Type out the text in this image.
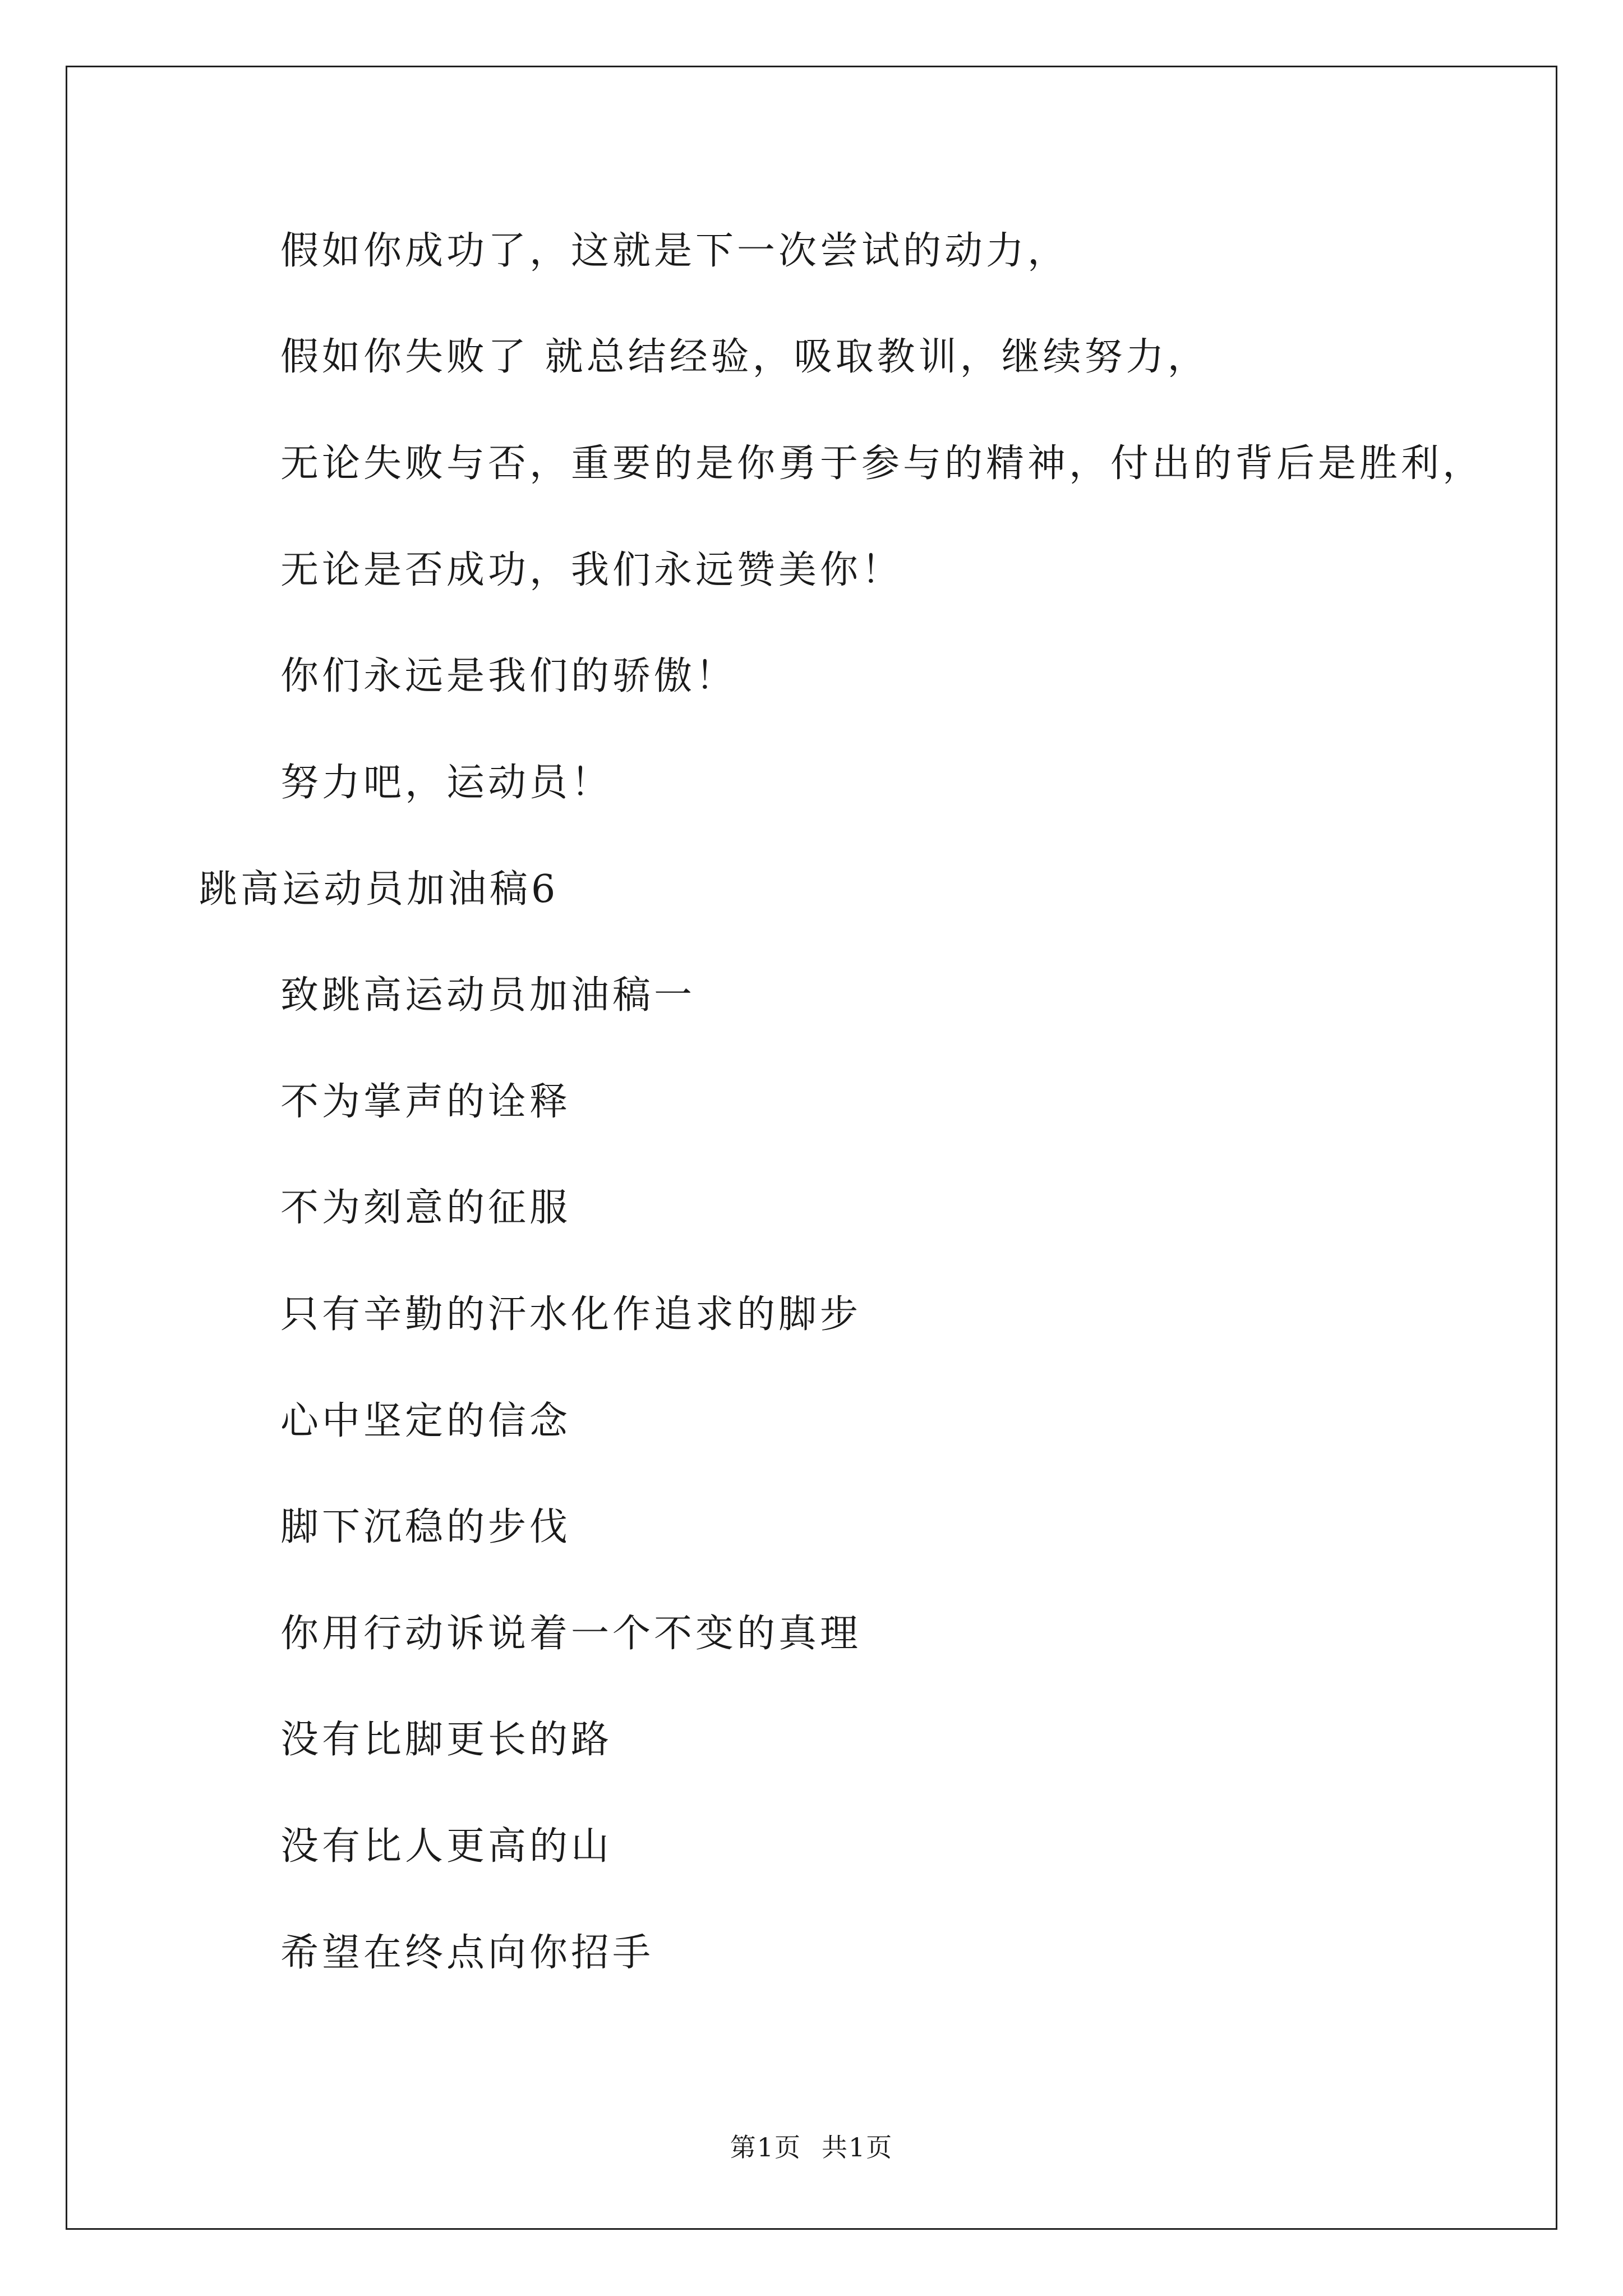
假如你成功了，这就是下一次尝试的动力，
假如你失败了 就总结经验，吸取教训，继续努力，
无论失败与否，重要的是你勇于参与的精神，付出的背后是胜利，
无论是否成功，我们永远赞美你！
你们永远是我们的骄傲！
努力吧，运动员！
跳高运动员加油稿6
致跳高运动员加油稿一
不为掌声的诠释
不为刻意的征服
只有辛勤的汗水化作追求的脚步
心中坚定的信念
脚下沉稳的步伐
你用行动诉说着一个不变的真理
没有比脚更长的路
没有比人更高的山
希望在终点向你招手
第1页 共1页
